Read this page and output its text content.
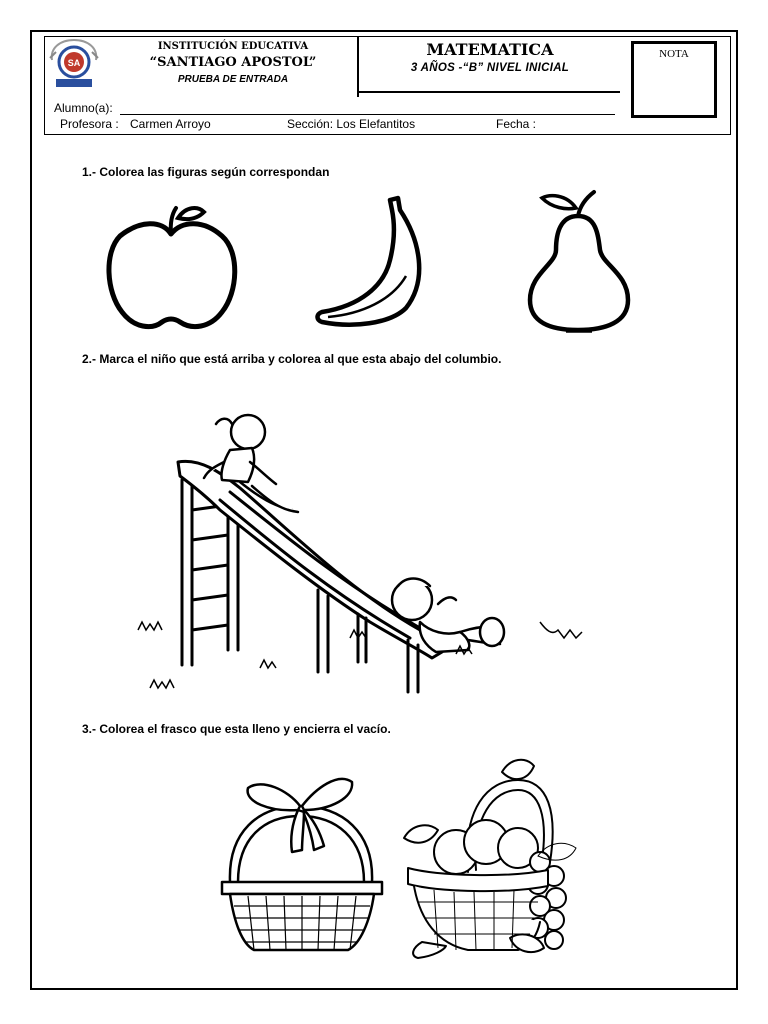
SA
INSTITUCIÓN EDUCATIVA
“SANTIAGO APOSTOL”
PRUEBA DE ENTRADA
MATEMATICA
3 AÑOS -“B” NIVEL INICIAL
NOTA
Alumno(a):
Profesora : Carmen Arroyo	Sección: Los Elefantitos	Fecha :
1.- Colorea las figuras según correspondan
2.- Marca el niño que está arriba y colorea al que esta abajo del columbio.
3.- Colorea el frasco que esta lleno y encierra el vacío.
